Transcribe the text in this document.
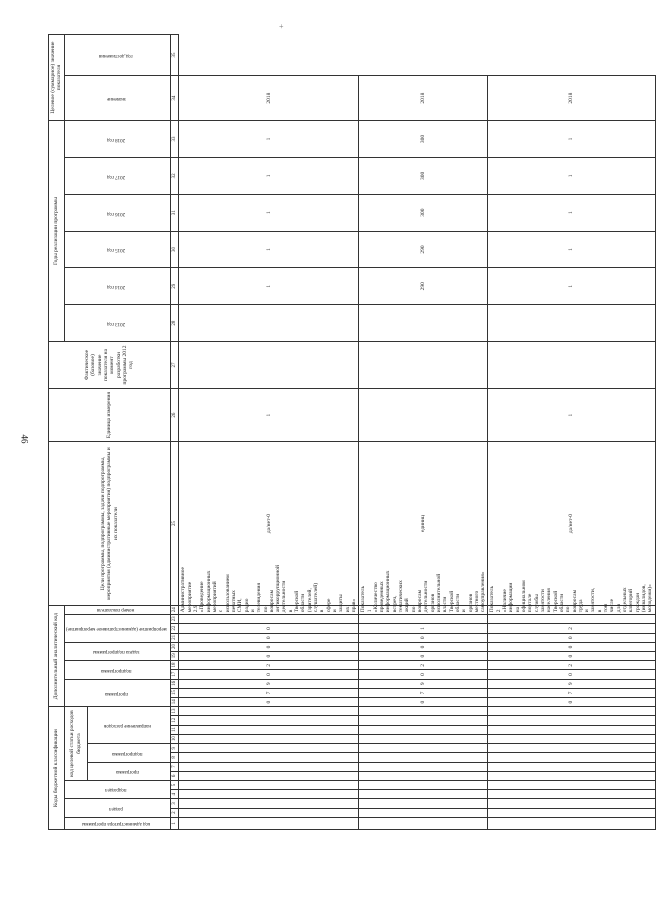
46
+
Коды бюджетной классификации													Дополнительный аналитический код											Цели программы, подпрограммы, задачи подпрограммы, мероприятия (административные мероприятия) подпрограммы и их показатели	Единица измерения	Фактическое (базовое) значение показателя на момент разработки программы 2012 год	Годы реализации программы						Целевое (суммарное) значение показателя	
код администратора программы	раздел		подраздел		код целевой статьи расходов бюджета								программа			подпрограмма		задача подпрограммы		мероприятие (административное мероприятие)			номер показателя				2013 год	2014 год	2015 год	2016 год	2017 год	2018 год	значение	год достижения
					программа		подпрограмма		направление расходов																									
1	2	3	4	5	6	7	8	9	10	11	12	13	14	15	16	17	18	19	20	21	22	23	24	25	26	27	28	29	30	31	32	33	34	35
													0	7	9	0	2	0	0	0	0		Административное мероприятие 2.9 «Проведение информационных мероприятий с использованием печатных СМИ, радио и телевидения по вопросам антикоррупционной деятельности в Тверской области (зрителей, слушателей) в сфере и защиты их прав»	да/нет-0	1			1	1	1	1	1	2018	
													0	7	9	0	2	0	0	0	1		Показатель 1 «Количество проведенных информационных встреч, тематических акций по вопросам деятельности органов исполнительной власти Тверской области и органов местного самоуправления»	единиц				290	290	300	300	300	2018	
													0	7	9	0	2	0	0	0	2		Показатель 2 «Наличие информации на официальном портале службы занятости населения Тверской области по вопросам труда и занятости, в том числе для отдельных категорий граждан (инвалидов, молодежи)»	да/нет-0	1			1	1	1	1	1	2018	
